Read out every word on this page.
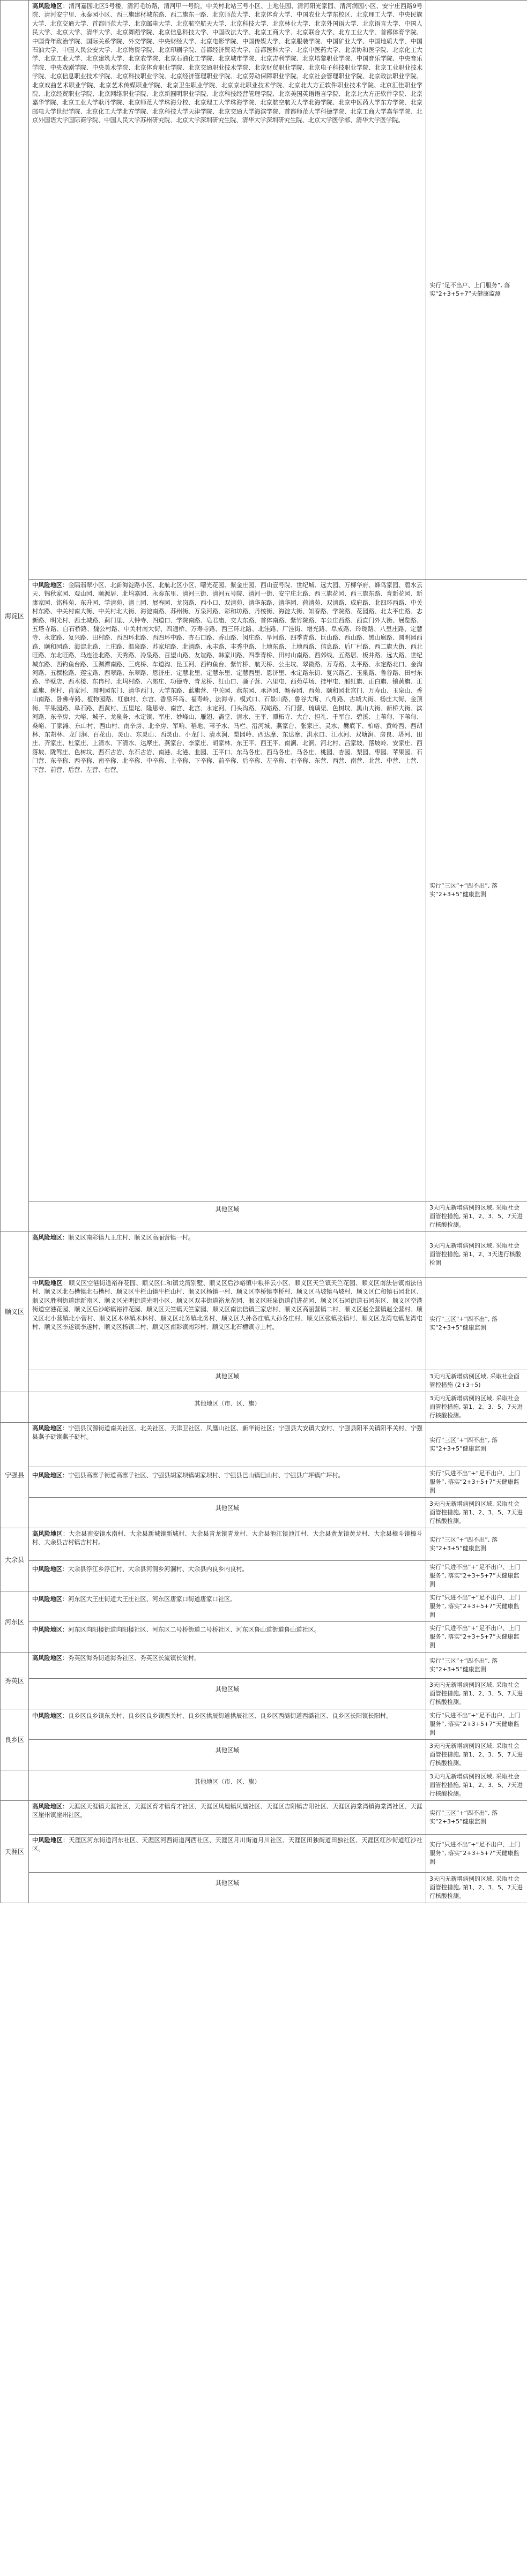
海淀区	高风险地区：清河嘉园北区5号楼，清河毛纺路，清河甲一号院，中关村北站三号小区、上地佳园、清河阳光家园、清河润园小区、安宁庄西路9号院、清河安宁里、永泰园小区、西三旗建材城东路、西二旗东一路、北京师范大学、北京体育大学、中国农业大学东校区、北京理工大学、中央民族大学、北京交通大学、首都师范大学、北京邮电大学、北京航空航天大学、北京科技大学、北京林业大学、北京外国语大学、北京语言大学、中国人民大学、北京大学、清华大学、北京舞蹈学院、北京信息科技大学、中国政法大学、北京工商大学、北京联合大学、北方工业大学、首都体育学院、中国青年政治学院、国际关系学院、外交学院、中央财经大学、北京电影学院、中国传媒大学、北京服装学院、中国矿业大学、中国地质大学、中国石油大学、中国人民公安大学、北京物资学院、北京印刷学院、首都经济贸易大学、首都医科大学、北京中医药大学、北京协和医学院、北京化工大学、北京工业大学、北京建筑大学、北京农学院、北京石油化工学院、北京城市学院、北京吉利学院、北京培黎职业学院、中国音乐学院、中央音乐学院、中央戏剧学院、中央美术学院、北京体育职业学院、北京交通职业技术学院、北京财贸职业学院、北京电子科技职业学院、北京工业职业技术学院、北京信息职业技术学院、北京科技职业学院、北京经济管理职业学院、北京劳动保障职业学院、北京社会管理职业学院、北京政法职业学院、北京戏曲艺术职业学院、北京艺术传媒职业学院、北京卫生职业学院、北京京北职业技术学院、北京北大方正软件职业技术学院、北京汇佳职业学院、北京经贸职业学院、北京网络职业学院、北京新圆明职业学院、北京科技经营管理学院、北京美国英语语言学院、北京北大方正软件学院、北京嘉华学院、北京工业大学耿丹学院、北京师范大学珠海分校、北京理工大学珠海学院、北京航空航天大学北海学院、北京中医药大学东方学院、北京邮电大学世纪学院、北京化工大学北方学院、北京科技大学天津学院、北京交通大学海滨学院、首都师范大学科德学院、北京工商大学嘉华学院、北京外国语大学国际商学院、中国人民大学苏州研究院、北京大学深圳研究生院、清华大学深圳研究生院、北京大学医学部、清华大学医学院。	实行“足不出户、上门服务”, 落实“2+3+5+7”天健康监测

	中风险地区：金隅翡翠小区、北新海淀路小区、北航北区小区、曙光花园、紫金庄园、西山壹号院、世纪城、远大园、万柳华府、蜂鸟家园、碧水云天、锦秋家园、观山园、颐源居、北坞嘉园、永泰东里、清河三街、清河五号院、清河一街、安宁庄北路、西三旗花园、西三旗东路、育新花园、新康家园、铭科苑、东升园、学清苑、清上园、展春园、龙岗路、西小口、双清苑、清华东路、清华园、荷清苑、双清路、成府路、北四环西路、中关村东路、中关村南大街、中关村北大街、海淀南路、苏州街、万泉河路、彩和坊路、丹棱街、海淀大街、知春路、学院路、花园路、北太平庄路、志新路、明光村、西土城路、蓟门里、大钟寺、四道口、学院南路、皂君庙、交大东路、首体南路、紫竹院路、车公庄西路、西直门外大街、展览路、五塔寺路、白石桥路、魏公村路、中关村南大街、四通桥、万寿寺路、西三环北路、北洼路、厂洼街、增光路、阜成路、玲珑路、八里庄路、定慧寺、永定路、复兴路、田村路、西四环北路、西四环中路、杏石口路、香山路、闵庄路、旱河路、四季青路、巨山路、西山路、黑山扈路、圆明园西路、颐和园路、海淀北路、上庄路、温泉路、苏家坨路、北清路、永丰路、丰秀中路、上地东路、上地西路、信息路、后厂村路、西二旗大街、西北旺路、东北旺路、马连洼北路、天秀路、冷泉路、百望山路、友谊路、韩家川路、四季青桥、田村山南路、西郊线、五路居、板井路、远大路、世纪城东路、西钓鱼台路、玉渊潭南路、三虎桥、车道沟、昆玉河、西钓鱼台、紫竹桥、航天桥、公主坟、翠微路、万寿路、太平路、永定路北口、金沟河路、五棵松路、莲宝路、西翠路、东翠路、恩济庄、定慧北里、定慧东里、定慧西里、恩济里、永定路东街、复兴路乙、玉泉路、鲁谷路、田村东路、半壁店、西木楼、东冉村、北坞村路、六郎庄、功德寺、青龙桥、红山口、骚子营、六里屯、西苑草场、挂甲屯、厢红旗、正白旗、镶黄旗、正蓝旗、树村、肖家河、圆明园东门、清华西门、大学东路、蓝旗营、中关园、燕东园、承泽园、畅春园、西苑、颐和园北宫门、万寿山、玉泉山、香山南路、卧佛寺路、植物园路、红旗村、东宫、香泉环岛、福寿岭、法海寺、模式口、石景山路、鲁谷大街、八角路、古城大街、杨庄大街、金顶街、苹果园路、阜石路、西黄村、五里坨、隆恩寺、南宫、北宫、永定河、门头沟路、双峪路、石门营、琉璃渠、色树坟、黑山大街、新桥大街、滨河路、东辛房、大峪、城子、龙泉务、永定镇、军庄、妙峰山、雁翅、斋堂、清水、王平、潭柘寺、大台、担礼、千军台、碧溪、上苇甸、下苇甸、桑峪、丁家滩、东山村、西山村、南辛房、北辛房、军响、稻地、苇子水、马栏、沿河城、燕家台、张家庄、灵水、爨底下、柏峪、黄岭西、西胡林、东胡林、龙门涧、百花山、灵山、东灵山、西灵山、小龙门、清水涧、梨园岭、西达摩、东达摩、洪水口、江水河、双塘涧、房良、塔河、田庄、齐家庄、杜家庄、上清水、下清水、达摩庄、燕家台、李家庄、胡家林、东王平、西王平、南涧、北涧、河北村、吕家坡、落坡岭、安家庄、西落坡、陇驾庄、色树坟、西石古岩、东石古岩、南港、北港、韭园、王平口、东马各庄、西马各庄、马各庄、桃园、杏园、梨园、枣园、苹果园、石门营、东辛称、西辛称、南辛称、北辛称、中辛称、上辛称、下辛称、前辛称、后辛称、左辛称、右辛称、东营、西营、南营、北营、中营、上营、下营、前营、后营、左营、右营。	实行“三区”+“四不出”, 落实“2+3+5”健康监测

	其他区域	3天内无新增病例的区域, 采取社会面管控措施, 第1、2、3、5、7天进行核酸检测。

顺义区	高风险地区：顺义区南彩镇九王庄村、顺义区高丽营镇一村。	3天内无新增病例的区域, 采取社会面管控措施, 第1、2、3天进行核酸检测

	中风险地区：顺义区空港街道裕祥花园、顺义区仁和镇龙湾别墅、顺义区后沙峪镇中粮祥云小区、顺义区天竺镇天竺花园、顺义区南法信镇南法信村、顺义区北石槽镇北石槽村、顺义区牛栏山镇牛栏山村、顺义区杨镇一村、顺义区李桥镇李桥村、顺义区马坡镇马坡村、顺义区仁和镇石园北区、顺义区胜利街道建新南区、顺义区光明街道光明小区、顺义区双丰街道裕龙花园、顺义区旺泉街道前进花园、顺义区石园街道石园东区、顺义区空港街道空港花园、顺义区后沙峪镇裕祥花园、顺义区天竺镇天竺家园、顺义区南法信镇三家店村、顺义区高丽营镇二村、顺义区赵全营镇赵全营村、顺义区北小营镇北小营村、顺义区木林镇木林村、顺义区北务镇北务村、顺义区大孙各庄镇大孙各庄村、顺义区张镇张镇村、顺义区龙湾屯镇龙湾屯村、顺义区李遂镇李遂村、顺义区杨镇二村、顺义区南彩镇南彩村、顺义区北石槽镇寺上村。	实行“三区”+“四不出”, 落实“2+3+5”健康监测

	其他区域	3天内无新增病例区域, 采取社会面管控措施 (2+3+5)

	其他地区（市、区、旗）	3天内无新增病例的区域, 采取社会面管控措施, 第1、2、3、5、7天进行核酸检测。

宁强县	高风险地区：宁强县汉源街道南关社区、北关社区、天津卫社区、凤凰山社区、新华街社区；宁强县大安镇大安村、宁强县阳平关镇阳平关村、宁强县燕子砭镇燕子砭村。	实行“三区”+“四不出”, 落实“2+3+5”健康监测

	中风险地区：宁强县高寨子街道高寨子社区、宁强县胡家坝镇胡家坝村、宁强县巴山镇巴山村、宁强县广坪镇广坪村。	实行“只进不出”+“足不出户、上门服务”, 落实“2+3+5+7”天健康监测

	其他区域	3天内无新增病例的区域, 采取社会面管控措施, 第1、2、3、5、7天进行核酸检测。

大余县	高风险地区：大余县南安镇水南村、大余县新城镇新城村、大余县青龙镇青龙村、大余县池江镇池江村、大余县黄龙镇黄龙村、大余县樟斗镇樟斗村、大余县吉村镇吉村村。	实行“三区”+“四不出”, 落实“2+3+5”健康监测

	中风险地区：大余县浮江乡浮江村、大余县河洞乡河洞村、大余县内良乡内良村。	实行“只进不出”+“足不出户、上门服务”, 落实“2+3+5+7”天健康监测

河东区	中风险地区：河东区大王庄街道大王庄社区、河东区唐家口街道唐家口社区。	实行“只进不出”+“足不出户、上门服务”, 落实“2+3+5+7”天健康监测

	中风险地区：河东区向阳楼街道向阳楼社区、河东区二号桥街道二号桥社区、河东区鲁山道街道鲁山道社区。	实行“只进不出”+“足不出户、上门服务”, 落实“2+3+5+7”天健康监测

秀英区	高风险地区：秀英区海秀街道海秀社区、秀英区长流镇长流村。	实行“三区”+“四不出”, 落实“2+3+5”健康监测

	其他区域	3天内无新增病例的区域, 采取社会面管控措施, 第1、2、3、5、7天进行核酸检测。

良乡区	中风险地区：良乡区良乡镇东关村、良乡区良乡镇西关村、良乡区拱辰街道拱辰社区、良乡区西潞街道西潞社区、良乡区长阳镇长阳村。	实行“只进不出”+“足不出户、上门服务”, 落实“2+3+5+7”天健康监测

	其他区域	3天内无新增病例的区域, 采取社会面管控措施, 第1、2、3、5、7天进行核酸检测。

	其他地区（市、区、旗）	3天内无新增病例的区域, 采取社会面管控措施, 第1、2、3、5、7天进行核酸检测。

天涯区	高风险地区：天涯区天涯镇天涯社区、天涯区育才镇育才社区、天涯区凤凰镇凤凰社区、天涯区吉阳镇吉阳社区、天涯区海棠湾镇海棠湾社区、天涯区崖州镇崖州社区。	实行“三区”+“四不出”, 落实“2+3+5”健康监测

	中风险地区：天涯区河东街道河东社区、天涯区河西街道河西社区、天涯区月川街道月川社区、天涯区田独街道田独社区、天涯区红沙街道红沙社区。	实行“只进不出”+“足不出户、上门服务”, 落实“2+3+5+7”天健康监测

	其他区域	3天内无新增病例的区域, 采取社会面管控措施, 第1、2、3、5、7天进行核酸检测。
